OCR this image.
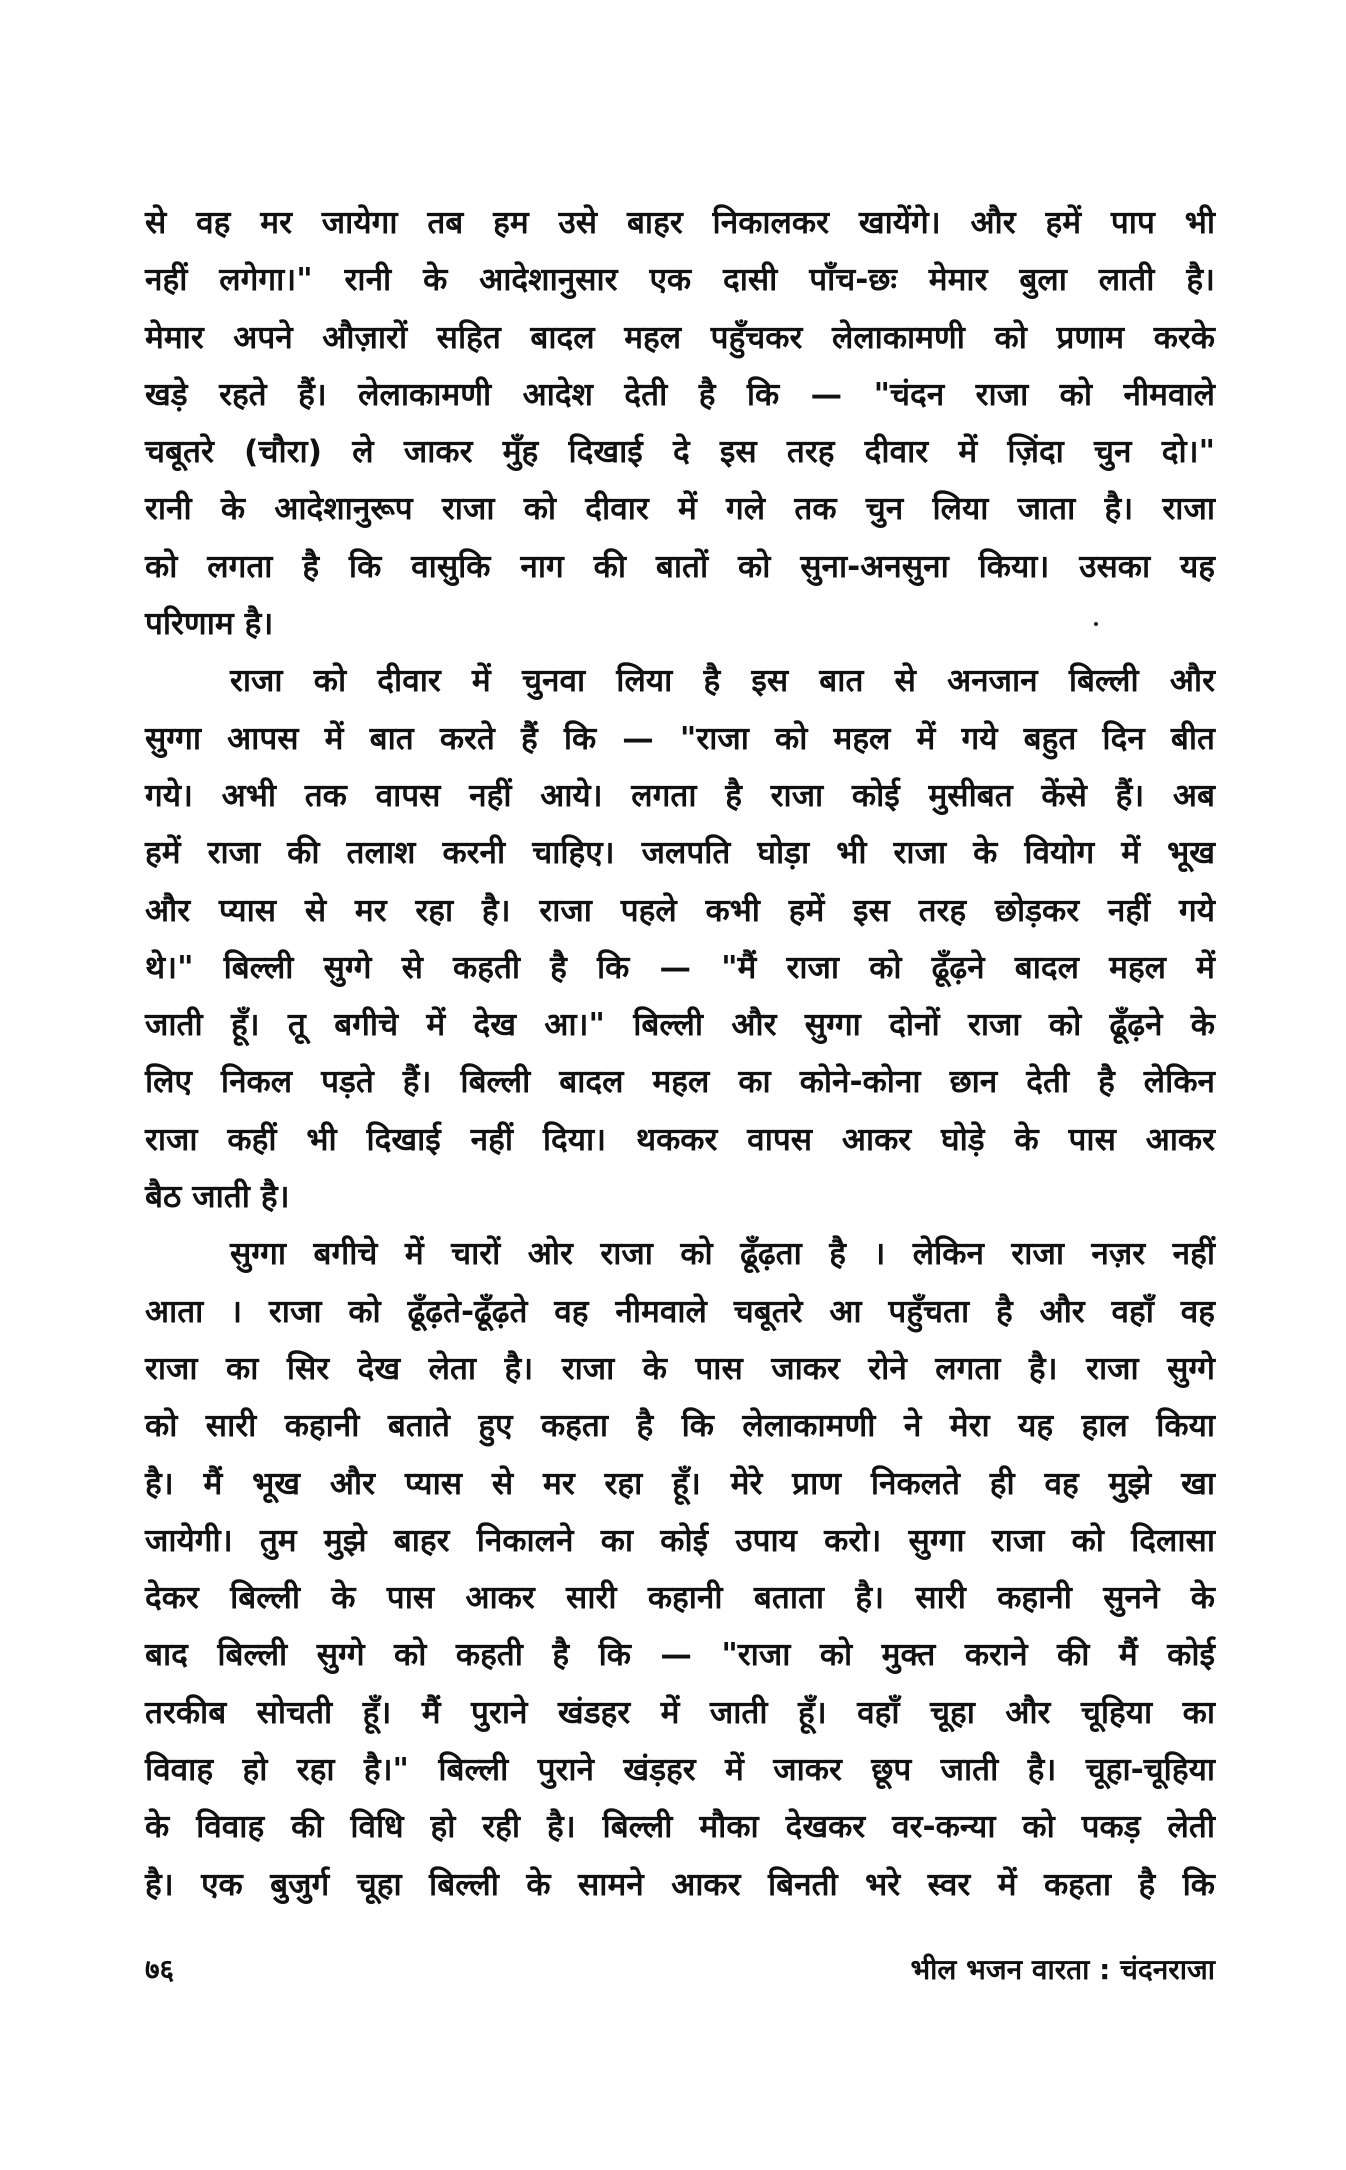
से वह मर जायेगा तब हम उसे बाहर निकालकर खायेंगे। और हमें पाप भी
नहीं लगेगा।" रानी के आदेशानुसार एक दासी पाँच-छः मेमार बुला लाती है।
मेमार अपने औज़ारों सहित बादल महल पहुँचकर लेलाकामणी को प्रणाम करके
खड़े रहते हैं। लेलाकामणी आदेश देती है कि — "चंदन राजा को नीमवाले
चबूतरे (चौरा) ले जाकर मुँह दिखाई दे इस तरह दीवार में ज़िंदा चुन दो।"
रानी के आदेशानुरूप राजा को दीवार में गले तक चुन लिया जाता है। राजा
को लगता है कि वासुकि नाग की बातों को सुना-अनसुना किया। उसका यह
परिणाम है।
राजा को दीवार में चुनवा लिया है इस बात से अनजान बिल्ली और
सुग्गा आपस में बात करते हैं कि — "राजा को महल में गये बहुत दिन बीत
गये। अभी तक वापस नहीं आये। लगता है राजा कोई मुसीबत केंसे हैं। अब
हमें राजा की तलाश करनी चाहिए। जलपति घोड़ा भी राजा के वियोग में भूख
और प्यास से मर रहा है। राजा पहले कभी हमें इस तरह छोड़कर नहीं गये
थे।" बिल्ली सुग्गे से कहती है कि — "मैं राजा को ढूँढ़ने बादल महल में
जाती हूँ। तू बगीचे में देख आ।" बिल्ली और सुग्गा दोनों राजा को ढूँढ़ने के
लिए निकल पड़ते हैं। बिल्ली बादल महल का कोने-कोना छान देती है लेकिन
राजा कहीं भी दिखाई नहीं दिया। थककर वापस आकर घोड़े के पास आकर
बैठ जाती है।
सुग्गा बगीचे में चारों ओर राजा को ढूँढ़ता है । लेकिन राजा नज़र नहीं
आता । राजा को ढूँढ़ते-ढूँढ़ते वह नीमवाले चबूतरे आ पहुँचता है और वहाँ वह
राजा का सिर देख लेता है। राजा के पास जाकर रोने लगता है। राजा सुग्गे
को सारी कहानी बताते हुए कहता है कि लेलाकामणी ने मेरा यह हाल किया
है। मैं भूख और प्यास से मर रहा हूँ। मेरे प्राण निकलते ही वह मुझे खा
जायेगी। तुम मुझे बाहर निकालने का कोई उपाय करो। सुग्गा राजा को दिलासा
देकर बिल्ली के पास आकर सारी कहानी बताता है। सारी कहानी सुनने के
बाद बिल्ली सुग्गे को कहती है कि — "राजा को मुक्त कराने की मैं कोई
तरकीब सोचती हूँ। मैं पुराने खंडहर में जाती हूँ। वहाँ चूहा और चूहिया का
विवाह हो रहा है।" बिल्ली पुराने खंड़हर में जाकर छूप जाती है। चूहा-चूहिया
के विवाह की विधि हो रही है। बिल्ली मौका देखकर वर-कन्या को पकड़ लेती
है। एक बुजुर्ग चूहा बिल्ली के सामने आकर बिनती भरे स्वर में कहता है कि
७६	भील भजन वारता : चंदनराजा
